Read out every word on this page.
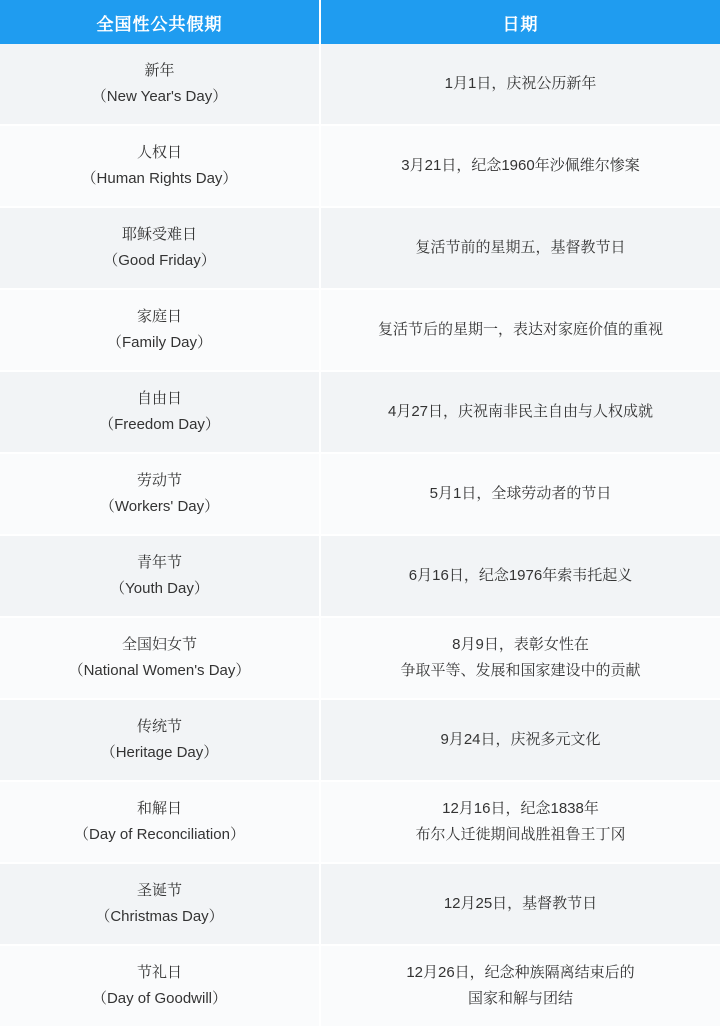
全国性公共假期	日期

新年
（New Year's Day）	1月1日，庆祝公历新年

人权日
（Human Rights Day）	3月21日，纪念1960年沙佩维尔惨案

耶稣受难日
（Good Friday）	复活节前的星期五，基督教节日

家庭日
（Family Day）	复活节后的星期一，表达对家庭价值的重视

自由日
（Freedom Day）	4月27日，庆祝南非民主自由与人权成就

劳动节
（Workers' Day）	5月1日，全球劳动者的节日

青年节
（Youth Day）	6月16日，纪念1976年索韦托起义

全国妇女节
（National Women's Day）	8月9日，表彰女性在
争取平等、发展和国家建设中的贡献

传统节
（Heritage Day）	9月24日，庆祝多元文化

和解日
（Day of Reconciliation）	12月16日，纪念1838年
布尔人迁徙期间战胜祖鲁王丁冈

圣诞节
（Christmas Day）	12月25日，基督教节日

节礼日
（Day of Goodwill）	12月26日，纪念种族隔离结束后的
国家和解与团结
